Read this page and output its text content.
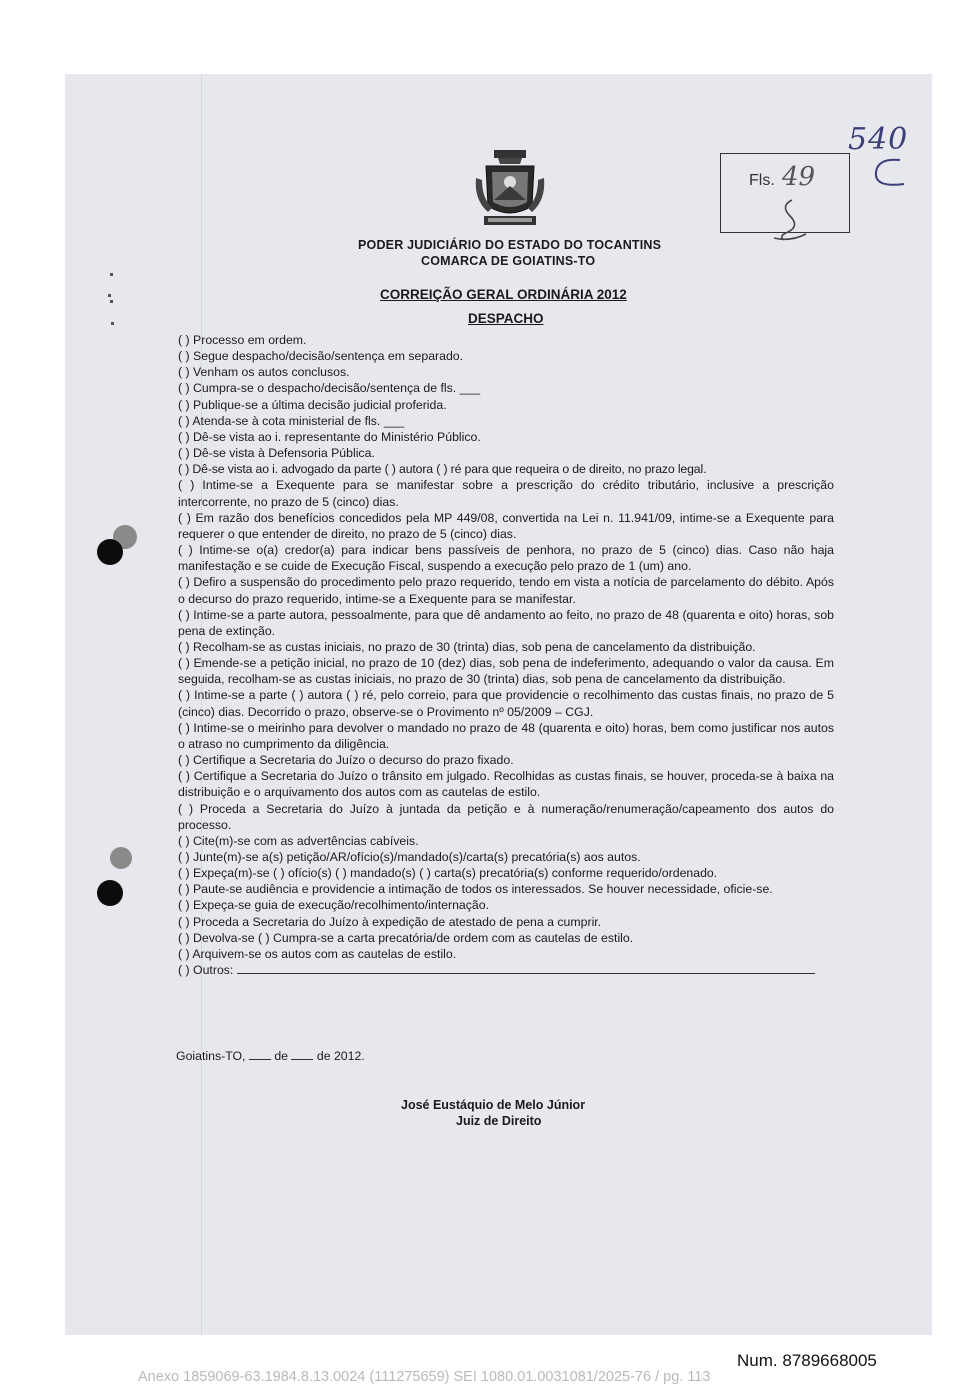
Fls. 49
540
PODER JUDICIÁRIO DO ESTADO DO TOCANTINS
COMARCA DE GOIATINS-TO
CORREIÇÃO GERAL ORDINÁRIA 2012
DESPACHO

( ) Processo em ordem.

( ) Segue despacho/decisão/sentença em separado.

( ) Venham os autos conclusos.

( ) Cumpra-se o despacho/decisão/sentença de fls. ___

( ) Publique-se a última decisão judicial proferida.

( ) Atenda-se à cota ministerial de fls. ___

( ) Dê-se vista ao i. representante do Ministério Público.

( ) Dê-se vista à Defensoria Pública.

( ) Dê-se vista ao i. advogado da parte ( ) autora ( ) ré para que requeira o de direito, no prazo legal.

( ) Intime-se a Exequente para se manifestar sobre a prescrição do crédito tributário, inclusive a prescrição intercorrente, no prazo de 5 (cinco) dias.

( ) Em razão dos benefícios concedidos pela MP 449/08, convertida na Lei n. 11.941/09, intime-se a Exequente para requerer o que entender de direito, no prazo de 5 (cinco) dias.

( ) Intime-se o(a) credor(a) para indicar bens passíveis de penhora, no prazo de 5 (cinco) dias. Caso não haja manifestação e se cuide de Execução Fiscal, suspendo a execução pelo prazo de 1 (um) ano.

( ) Defiro a suspensão do procedimento pelo prazo requerido, tendo em vista a notícia de parcelamento do débito. Após o decurso do prazo requerido, intime-se a Exequente para se manifestar.

( ) Intime-se a parte autora, pessoalmente, para que dê andamento ao feito, no prazo de 48 (quarenta e oito) horas, sob pena de extinção.

( ) Recolham-se as custas iniciais, no prazo de 30 (trinta) dias, sob pena de cancelamento da distribuição.

( ) Emende-se a petição inicial, no prazo de 10 (dez) dias, sob pena de indeferimento, adequando o valor da causa. Em seguida, recolham-se as custas iniciais, no prazo de 30 (trinta) dias, sob pena de cancelamento da distribuição.

( ) Intime-se a parte ( ) autora ( ) ré, pelo correio, para que providencie o recolhimento das custas finais, no prazo de 5 (cinco) dias. Decorrido o prazo, observe-se o Provimento nº 05/2009 – CGJ.

( ) Intime-se o meirinho para devolver o mandado no prazo de 48 (quarenta e oito) horas, bem como justificar nos autos o atraso no cumprimento da diligência.

( ) Certifique a Secretaria do Juízo o decurso do prazo fixado.

( ) Certifique a Secretaria do Juízo o trânsito em julgado. Recolhidas as custas finais, se houver, proceda-se à baixa na distribuição e o arquivamento dos autos com as cautelas de estilo.

( ) Proceda a Secretaria do Juízo à juntada da petição e à numeração/renumeração/capeamento dos autos do processo.

( ) Cite(m)-se com as advertências cabíveis.

( ) Junte(m)-se a(s) petição/AR/ofício(s)/mandado(s)/carta(s) precatória(s) aos autos.

( ) Expeça(m)-se ( ) ofício(s) ( ) mandado(s) ( ) carta(s) precatória(s) conforme requerido/ordenado.

( ) Paute-se audiência e providencie a intimação de todos os interessados. Se houver necessidade, oficie-se.

( ) Expeça-se guia de execução/recolhimento/internação.

( ) Proceda a Secretaria do Juízo à expedição de atestado de pena a cumprir.

( ) Devolva-se ( ) Cumpra-se a carta precatória/de ordem com as cautelas de estilo.

( ) Arquivem-se os autos com as cautelas de estilo.

( ) Outros:

Goiatins-TO, de de 2012.
José Eustáquio de Melo Júnior
Juiz de Direito
Num. 8789668005
Anexo 1859069-63.1984.8.13.0024 (111275659) SEI 1080.01.0031081/2025-76 / pg. 113
